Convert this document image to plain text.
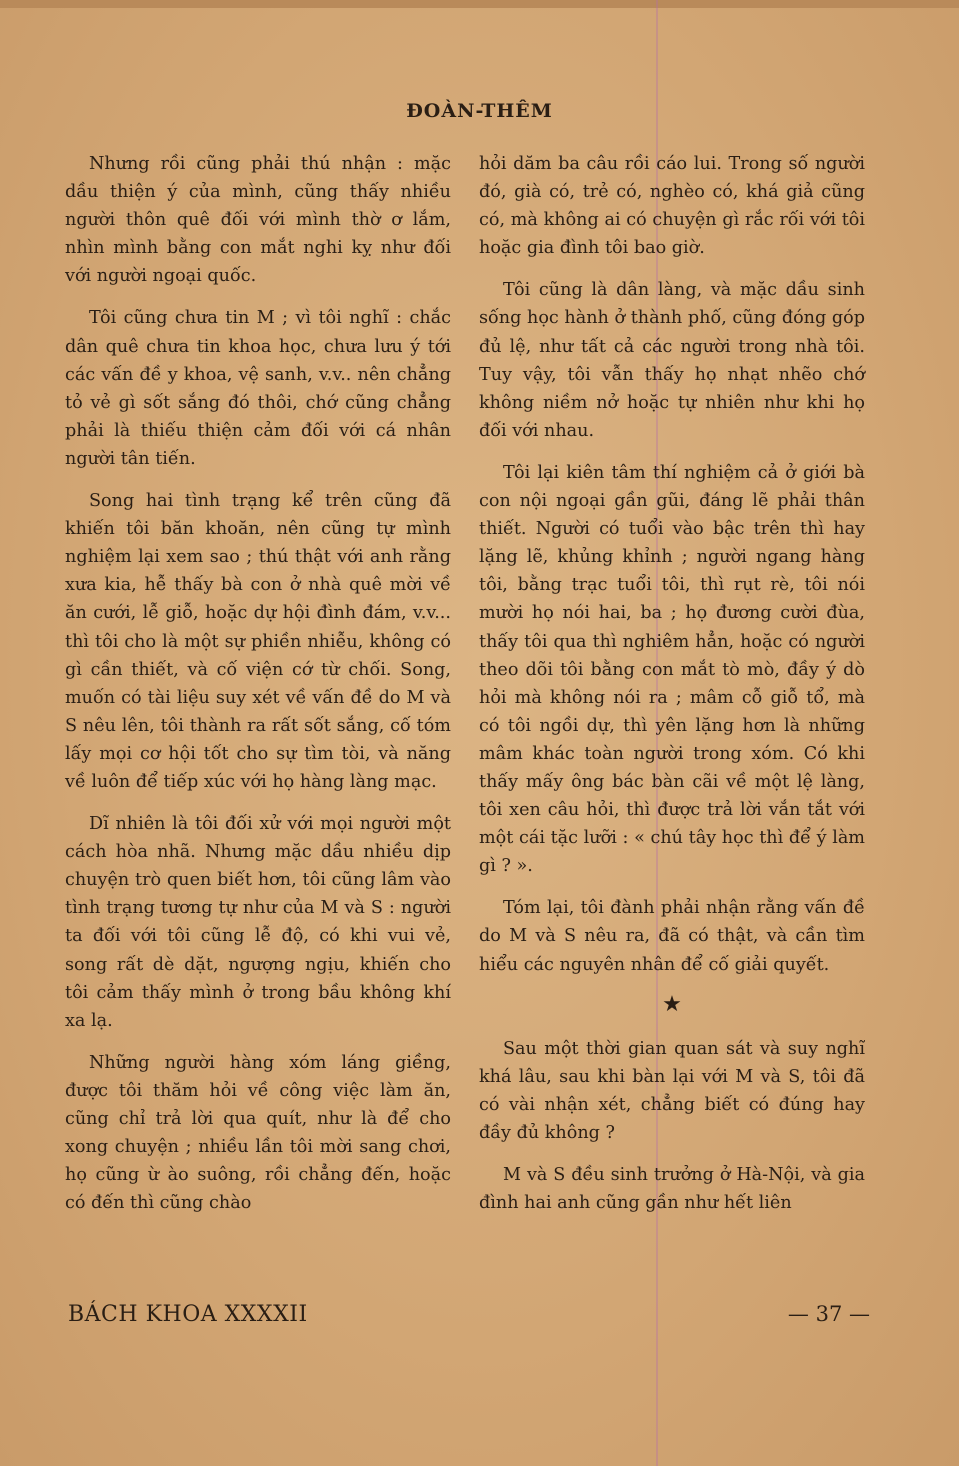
ĐOÀN-THÊM

Nhưng rồi cũng phải thú nhận : mặc dầu thiện ý của mình, cũng thấy nhiều người thôn quê đối với mình thờ ơ lắm, nhìn mình bằng con mắt nghi kỵ như đối với người ngoại quốc.

Tôi cũng chưa tin M ; vì tôi nghĩ : chắc dân quê chưa tin khoa học, chưa lưu ý tới các vấn đề y khoa, vệ sanh, v.v.. nên chẳng tỏ vẻ gì sốt sắng đó thôi, chớ cũng chẳng phải là thiếu thiện cảm đối với cá nhân người tân tiến.

Song hai tình trạng kể trên cũng đã khiến tôi băn khoăn, nên cũng tự mình nghiệm lại xem sao ; thú thật với anh rằng xưa kia, hễ thấy bà con ở nhà quê mời về ăn cưới, lễ giỗ, hoặc dự hội đình đám, v.v... thì tôi cho là một sự phiền nhiễu, không có gì cần thiết, và cố viện cớ từ chối. Song, muốn có tài liệu suy xét về vấn đề do M và S nêu lên, tôi thành ra rất sốt sắng, cố tóm lấy mọi cơ hội tốt cho sự tìm tòi, và năng về luôn để tiếp xúc với họ hàng làng mạc.

Dĩ nhiên là tôi đối xử với mọi người một cách hòa nhã. Nhưng mặc dầu nhiều dịp chuyện trò quen biết hơn, tôi cũng lâm vào tình trạng tương tự như của M và S : người ta đối với tôi cũng lễ độ, có khi vui vẻ, song rất dè dặt, ngượng ngịu, khiến cho tôi cảm thấy mình ở trong bầu không khí xa lạ.

Những người hàng xóm láng giềng, được tôi thăm hỏi về công việc làm ăn, cũng chỉ trả lời qua quít, như là để cho xong chuyện ; nhiều lần tôi mời sang chơi, họ cũng ừ ào suông, rồi chẳng đến, hoặc có đến thì cũng chào

hỏi dăm ba câu rồi cáo lui. Trong số người đó, già có, trẻ có, nghèo có, khá giả cũng có, mà không ai có chuyện gì rắc rối với tôi hoặc gia đình tôi bao giờ.

Tôi cũng là dân làng, và mặc dầu sinh sống học hành ở thành phố, cũng đóng góp đủ lệ, như tất cả các người trong nhà tôi. Tuy vậy, tôi vẫn thấy họ nhạt nhẽo chớ không niềm nở hoặc tự nhiên như khi họ đối với nhau.

Tôi lại kiên tâm thí nghiệm cả ở giới bà con nội ngoại gần gũi, đáng lẽ phải thân thiết. Người có tuổi vào bậc trên thì hay lặng lẽ, khủng khỉnh ; người ngang hàng tôi, bằng trạc tuổi tôi, thì rụt rè, tôi nói mười họ nói hai, ba ; họ đương cười đùa, thấy tôi qua thì nghiêm hẳn, hoặc có người theo dõi tôi bằng con mắt tò mò, đầy ý dò hỏi mà không nói ra ; mâm cỗ giỗ tổ, mà có tôi ngồi dự, thì yên lặng hơn là những mâm khác toàn người trong xóm. Có khi thấy mấy ông bác bàn cãi về một lệ làng, tôi xen câu hỏi, thì được trả lời vắn tắt với một cái tặc lưỡi : « chú tây học thì để ý làm gì ? ».

Tóm lại, tôi đành phải nhận rằng vấn đề do M và S nêu ra, đã có thật, và cần tìm hiểu các nguyên nhân để cố giải quyết.

★

Sau một thời gian quan sát và suy nghĩ khá lâu, sau khi bàn lại với M và S, tôi đã có vài nhận xét, chẳng biết có đúng hay đầy đủ không ?

M và S đều sinh trưởng ở Hà-Nội, và gia đình hai anh cũng gần như hết liên

BÁCH KHOA XXXXII	— 37 —
